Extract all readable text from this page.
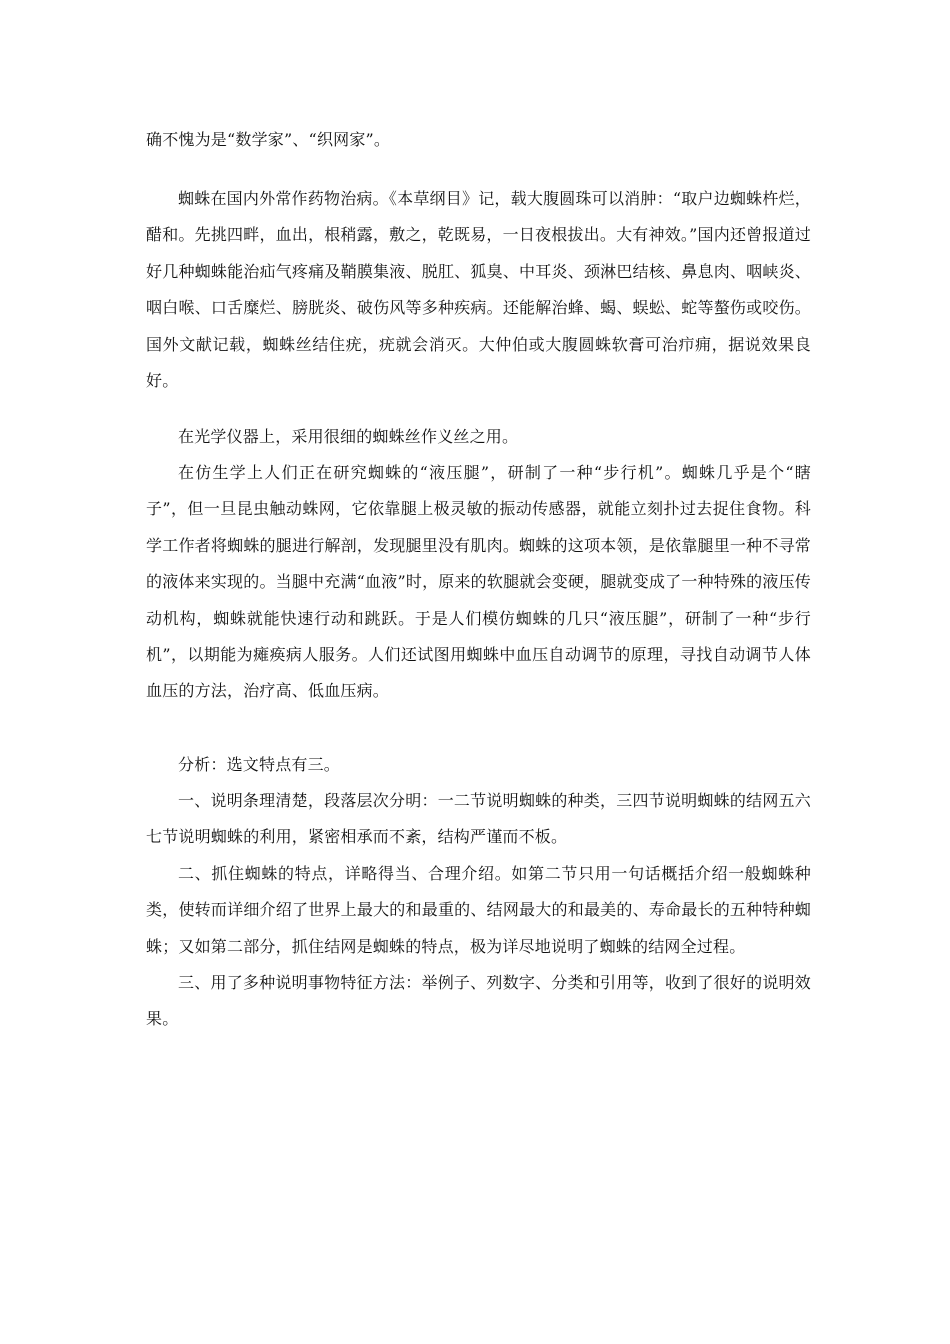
确不愧为是“数学家”、“织网家”。

蜘蛛在国内外常作药物治病。《本草纲目》记，载大腹圆珠可以消肿：“取户边蜘蛛杵烂，醋和。先挑四畔，血出，根稍露，敷之，乾既易，一日夜根拔出。大有神效。”国内还曾报道过好几种蜘蛛能治疝气疼痛及鞘膜集液、脱肛、狐臭、中耳炎、颈淋巴结核、鼻息肉、咽峡炎、咽白喉、口舌糜烂、膀胱炎、破伤风等多种疾病。还能解治蜂、蝎、蜈蚣、蛇等螯伤或咬伤。国外文献记载，蜘蛛丝结住疣，疣就会消灭。大仲伯或大腹圆蛛软膏可治疖痈，据说效果良好。

在光学仪器上，采用很细的蜘蛛丝作义丝之用。

在仿生学上人们正在研究蜘蛛的“液压腿”，研制了一种“步行机”。蜘蛛几乎是个“瞎子”，但一旦昆虫触动蛛网，它依靠腿上极灵敏的振动传感器，就能立刻扑过去捉住食物。科学工作者将蜘蛛的腿进行解剖，发现腿里没有肌肉。蜘蛛的这项本领，是依靠腿里一种不寻常的液体来实现的。当腿中充满“血液”时，原来的软腿就会变硬，腿就变成了一种特殊的液压传动机构，蜘蛛就能快速行动和跳跃。于是人们模仿蜘蛛的几只“液压腿”，研制了一种“步行机”，以期能为瘫痪病人服务。人们还试图用蜘蛛中血压自动调节的原理，寻找自动调节人体血压的方法，治疗高、低血压病。

分析：选文特点有三。

一、说明条理清楚，段落层次分明：一二节说明蜘蛛的种类，三四节说明蜘蛛的结网五六七节说明蜘蛛的利用，紧密相承而不紊，结构严谨而不板。

二、抓住蜘蛛的特点，详略得当、合理介绍。如第二节只用一句话概括介绍一般蜘蛛种类，使转而详细介绍了世界上最大的和最重的、结网最大的和最美的、寿命最长的五种特种蜘蛛；又如第二部分，抓住结网是蜘蛛的特点，极为详尽地说明了蜘蛛的结网全过程。

三、用了多种说明事物特征方法：举例子、列数字、分类和引用等，收到了很好的说明效果。
